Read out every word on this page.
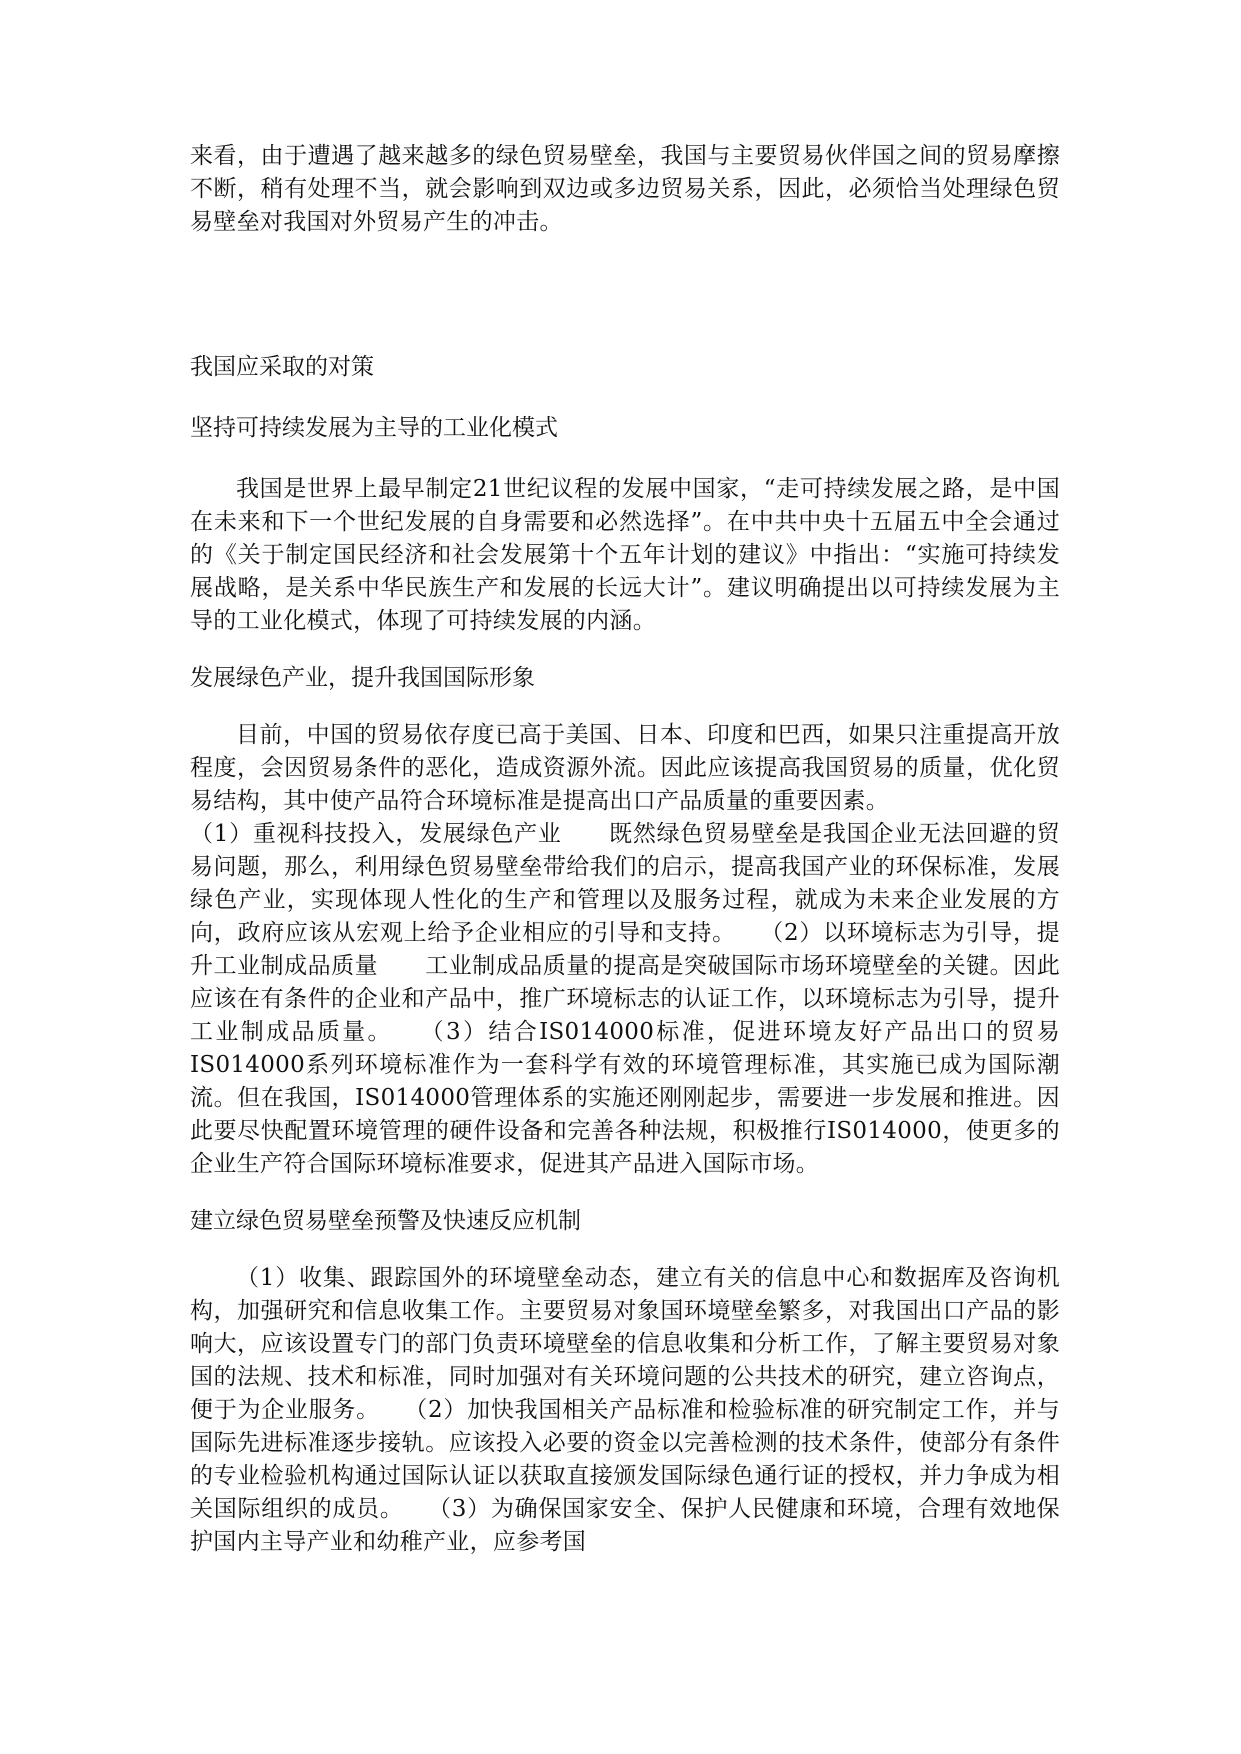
来看，由于遭遇了越来越多的绿色贸易壁垒，我国与主要贸易伙伴国之间的贸易摩擦不断，稍有处理不当，就会影响到双边或多边贸易关系，因此，必须恰当处理绿色贸易壁垒对我国对外贸易产生的冲击。

我国应采取的对策

坚持可持续发展为主导的工业化模式

我国是世界上最早制定21世纪议程的发展中国家，“走可持续发展之路，是中国在未来和下一个世纪发展的自身需要和必然选择”。在中共中央十五届五中全会通过的《关于制定国民经济和社会发展第十个五年计划的建议》中指出：“实施可持续发展战略，是关系中华民族生产和发展的长远大计”。建议明确提出以可持续发展为主导的工业化模式，体现了可持续发展的内涵。

发展绿色产业，提升我国国际形象

目前，中国的贸易依存度已高于美国、日本、印度和巴西，如果只注重提高开放程度，会因贸易条件的恶化，造成资源外流。因此应该提高我国贸易的质量，优化贸易结构，其中使产品符合环境标准是提高出口产品质量的重要因素。

（1）重视科技投入，发展绿色产业　　既然绿色贸易壁垒是我国企业无法回避的贸易问题，那么，利用绿色贸易壁垒带给我们的启示，提高我国产业的环保标准，发展绿色产业，实现体现人性化的生产和管理以及服务过程，就成为未来企业发展的方向，政府应该从宏观上给予企业相应的引导和支持。　　（2）以环境标志为引导，提升工业制成品质量　　工业制成品质量的提高是突破国际市场环境壁垒的关键。因此应该在有条件的企业和产品中，推广环境标志的认证工作，以环境标志为引导，提升工业制成品质量。　　（3）结合IS014000标准，促进环境友好产品出口的贸易　　IS014000系列环境标准作为一套科学有效的环境管理标准，其实施已成为国际潮流。但在我国，IS014000管理体系的实施还刚刚起步，需要进一步发展和推进。因此要尽快配置环境管理的硬件设备和完善各种法规，积极推行IS014000，使更多的企业生产符合国际环境标准要求，促进其产品进入国际市场。

建立绿色贸易壁垒预警及快速反应机制

（1）收集、跟踪国外的环境壁垒动态，建立有关的信息中心和数据库及咨询机构，加强研究和信息收集工作。主要贸易对象国环境壁垒繁多，对我国出口产品的影响大，应该设置专门的部门负责环境壁垒的信息收集和分析工作，了解主要贸易对象国的法规、技术和标准，同时加强对有关环境问题的公共技术的研究，建立咨询点，便于为企业服务。　　（2）加快我国相关产品标准和检验标准的研究制定工作，并与国际先进标准逐步接轨。应该投入必要的资金以完善检测的技术条件，使部分有条件的专业检验机构通过国际认证以获取直接颁发国际绿色通行证的授权，并力争成为相关国际组织的成员。　　（3）为确保国家安全、保护人民健康和环境，合理有效地保护国内主导产业和幼稚产业，应参考国
